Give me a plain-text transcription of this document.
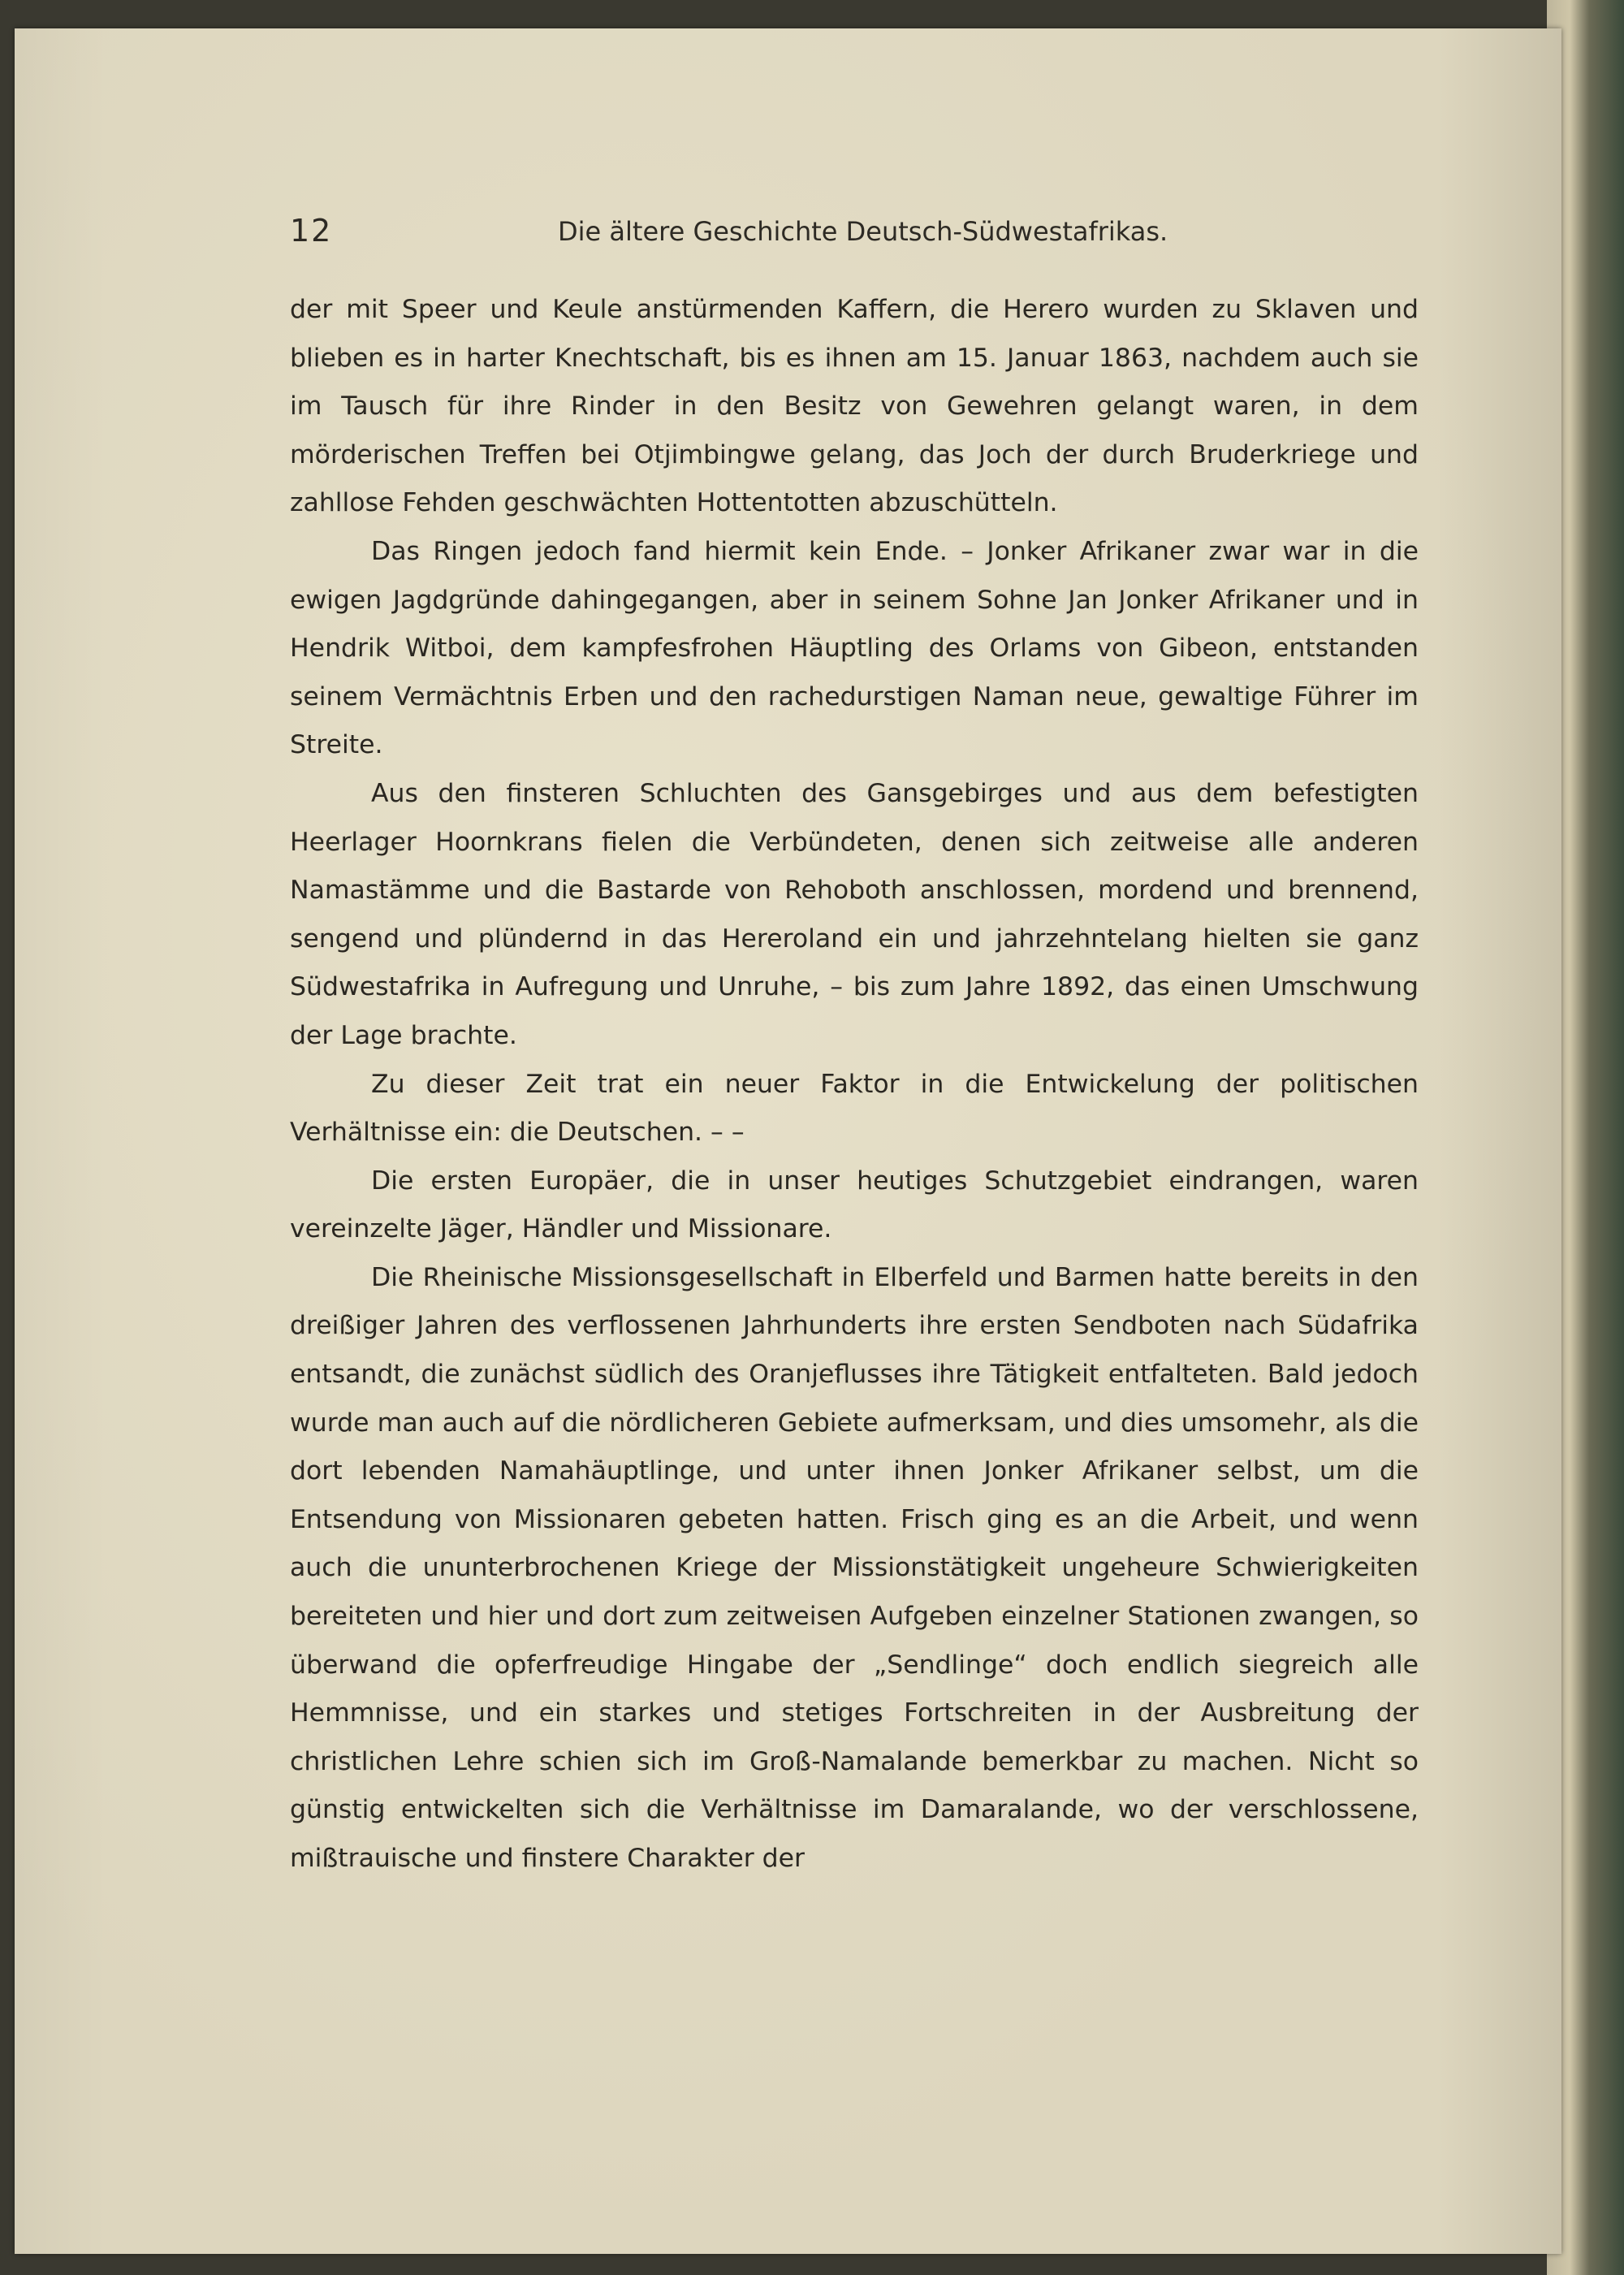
12	Die ältere Geschichte Deutsch-Südwestafrikas.

der mit Speer und Keule anstürmenden Kaffern, die Herero wurden zu Sklaven und blieben es in harter Knechtschaft, bis es ihnen am 15. Januar 1863, nachdem auch sie im Tausch für ihre Rinder in den Besitz von Gewehren gelangt waren, in dem mörderischen Treffen bei Otjimbingwe gelang, das Joch der durch Bruderkriege und zahllose Fehden geschwächten Hottentotten abzuschütteln.

Das Ringen jedoch fand hiermit kein Ende. – Jonker Afrikaner zwar war in die ewigen Jagdgründe dahingegangen, aber in seinem Sohne Jan Jonker Afrikaner und in Hendrik Witboi, dem kampfesfrohen Häuptling des Orlams von Gibeon, entstanden seinem Vermächtnis Erben und den rachedurstigen Naman neue, gewaltige Führer im Streite.

Aus den finsteren Schluchten des Gansgebirges und aus dem befestigten Heerlager Hoornkrans fielen die Verbündeten, denen sich zeitweise alle anderen Namastämme und die Bastarde von Rehoboth anschlossen, mordend und brennend, sengend und plündernd in das Hereroland ein und jahrzehntelang hielten sie ganz Südwestafrika in Aufregung und Unruhe, – bis zum Jahre 1892, das einen Umschwung der Lage brachte.

Zu dieser Zeit trat ein neuer Faktor in die Entwickelung der politischen Verhältnisse ein: die Deutschen. – –

Die ersten Europäer, die in unser heutiges Schutzgebiet eindrangen, waren vereinzelte Jäger, Händler und Missionare.

Die Rheinische Missionsgesellschaft in Elberfeld und Barmen hatte bereits in den dreißiger Jahren des verflossenen Jahrhunderts ihre ersten Sendboten nach Südafrika entsandt, die zunächst südlich des Oranjeflusses ihre Tätigkeit entfalteten. Bald jedoch wurde man auch auf die nördlicheren Gebiete aufmerksam, und dies umsomehr, als die dort lebenden Namahäuptlinge, und unter ihnen Jonker Afrikaner selbst, um die Entsendung von Missionaren gebeten hatten. Frisch ging es an die Arbeit, und wenn auch die ununterbrochenen Kriege der Missionstätigkeit ungeheure Schwierigkeiten bereiteten und hier und dort zum zeitweisen Aufgeben einzelner Stationen zwangen, so überwand die opferfreudige Hingabe der „Sendlinge“ doch endlich siegreich alle Hemmnisse, und ein starkes und stetiges Fortschreiten in der Ausbreitung der christlichen Lehre schien sich im Groß-Namalande bemerkbar zu machen. Nicht so günstig entwickelten sich die Verhältnisse im Damaralande, wo der verschlossene, mißtrauische und finstere Charakter der
